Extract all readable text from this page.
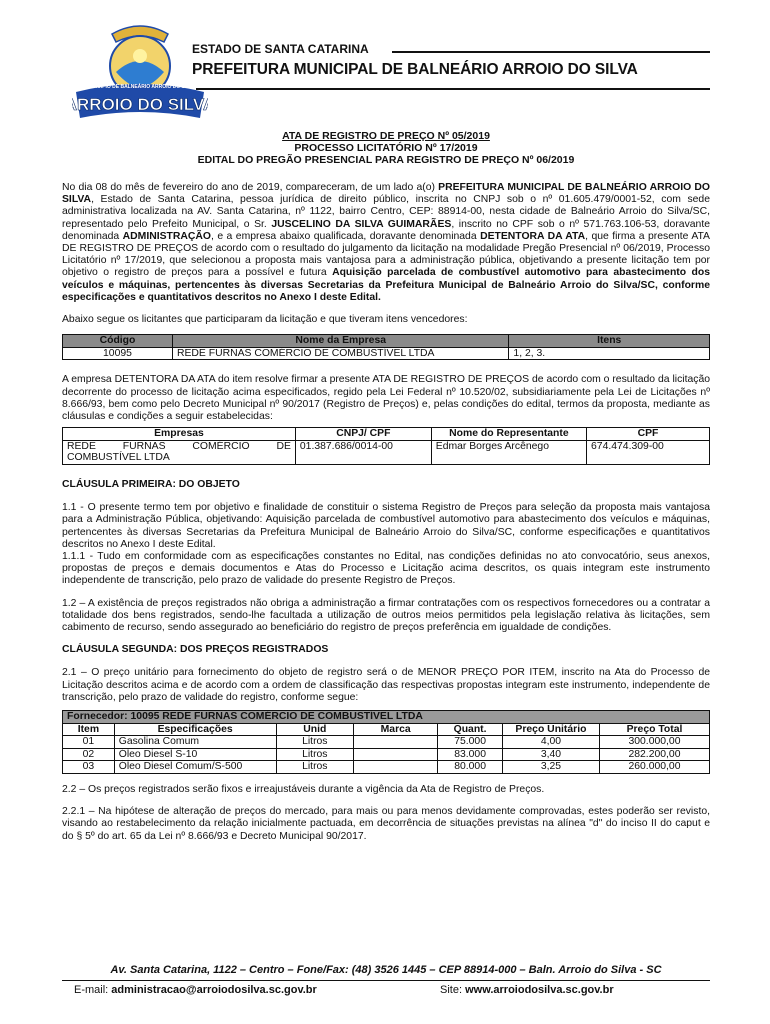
MUNICÍPIO DE BALNEÁRIO ARROIO DO SILVA
ARROIO DO SILVA
ESTADO DE SANTA CATARINA
PREFEITURA MUNICIPAL DE BALNEÁRIO ARROIO DO SILVA
ATA DE REGISTRO DE PREÇO Nº 05/2019
PROCESSO LICITATÓRIO Nº 17/2019
EDITAL DO PREGÃO PRESENCIAL PARA REGISTRO DE PREÇO Nº 06/2019

No dia 08 do mês de fevereiro do ano de 2019, compareceram, de um lado a(o) PREFEITURA MUNICIPAL DE BALNEÁRIO ARROIO DO SILVA, Estado de Santa Catarina, pessoa jurídica de direito público, inscrita no CNPJ sob o nº 01.605.479/0001-52, com sede administrativa localizada na AV. Santa Catarina, nº 1122, bairro Centro, CEP: 88914-00, nesta cidade de Balneário Arroio do Silva/SC, representado pelo Prefeito Municipal, o Sr. JUSCELINO DA SILVA GUIMARÃES, inscrito no CPF sob o nº 571.763.106-53, doravante denominada ADMINISTRAÇÃO, e a empresa abaixo qualificada, doravante denominada DETENTORA DA ATA, que firma a presente ATA DE REGISTRO DE PREÇOS de acordo com o resultado do julgamento da licitação na modalidade Pregão Presencial nº 06/2019, Processo Licitatório nº 17/2019, que selecionou a proposta mais vantajosa para a administração pública, objetivando a presente licitação tem por objetivo o registro de preços para a possível e futura Aquisição parcelada de combustível automotivo para abastecimento dos veículos e máquinas, pertencentes às diversas Secretarias da Prefeitura Municipal de Balneário Arroio do Silva/SC, conforme especificações e quantitativos descritos no Anexo I deste Edital.

Abaixo segue os licitantes que participaram da licitação e que tiveram itens vencedores:

Código	Nome da Empresa	Itens
10095	REDE FURNAS COMÉRCIO DE COMBUSTÍVEL LTDA	1, 2, 3.

A empresa DETENTORA DA ATA do item resolve firmar a presente ATA DE REGISTRO DE PREÇOS de acordo com o resultado da licitação decorrente do processo de licitação acima especificados, regido pela Lei Federal nº 10.520/02, subsidiariamente pela Lei de Licitações nº 8.666/93, bem como pelo Decreto Municipal nº 90/2017 (Registro de Preços) e, pelas condições do edital, termos da proposta, mediante as cláusulas e condições a seguir estabelecidas:

Empresas	CNPJ/ CPF	Nome do Representante	CPF
REDE FURNAS COMÉRCIO DE COMBUSTÍVEL LTDA	01.387.686/0014-00	Edmar Borges Arcênego	674.474.309-00
CLÁUSULA PRIMEIRA: DO OBJETO

1.1 - O presente termo tem por objetivo e finalidade de constituir o sistema Registro de Preços para seleção da proposta mais vantajosa para a Administração Pública, objetivando: Aquisição parcelada de combustível automotivo para abastecimento dos veículos e máquinas, pertencentes às diversas Secretarias da Prefeitura Municipal de Balneário Arroio do Silva/SC, conforme especificações e quantitativos descritos no Anexo I deste Edital.

1.1.1 - Tudo em conformidade com as especificações constantes no Edital, nas condições definidas no ato convocatório, seus anexos, propostas de preços e demais documentos e Atas do Processo e Licitação acima descritos, os quais integram este instrumento independente de transcrição, pelo prazo de validade do presente Registro de Preços.

1.2 – A existência de preços registrados não obriga a administração a firmar contratações com os respectivos fornecedores ou a contratar a totalidade dos bens registrados, sendo-lhe facultada a utilização de outros meios permitidos pela legislação relativa às licitações, sem cabimento de recurso, sendo assegurado ao beneficiário do registro de preços preferência em igualdade de condições.

CLÁUSULA SEGUNDA: DOS PREÇOS REGISTRADOS

2.1 – O preço unitário para fornecimento do objeto de registro será o de MENOR PREÇO POR ITEM, inscrito na Ata do Processo de Licitação descritos acima e de acordo com a ordem de classificação das respectivas propostas integram este instrumento, independente de transcrição, pelo prazo de validade do registro, conforme segue:

Fornecedor: 10095 REDE FURNAS COMÉRCIO DE COMBUSTÍVEL LTDA						
Item	Especificações	Unid	Marca	Quant.	Preço Unitário	Preço Total
01	Gasolina Comum	Litros		75.000	4,00	300.000,00
02	Óleo Diesel S-10	Litros		83.000	3,40	282.200,00
03	Óleo Diesel Comum/S-500	Litros		80.000	3,25	260.000,00

2.2 – Os preços registrados serão fixos e irreajustáveis durante a vigência da Ata de Registro de Preços.

2.2.1 – Na hipótese de alteração de preços do mercado, para mais ou para menos devidamente comprovadas, estes poderão ser revisto, visando ao restabelecimento da relação inicialmente pactuada, em decorrência de situações previstas na alínea "d" do inciso II do caput e do § 5º do art. 65 da Lei nº 8.666/93 e Decreto Municipal 90/2017.

Av. Santa Catarina, 1122 – Centro – Fone/Fax: (48) 3526 1445 – CEP 88914-000 – Baln. Arroio do Silva - SC
E-mail: administracao@arroiodosilva.sc.gov.br	Site: www.arroiodosilva.sc.gov.br
